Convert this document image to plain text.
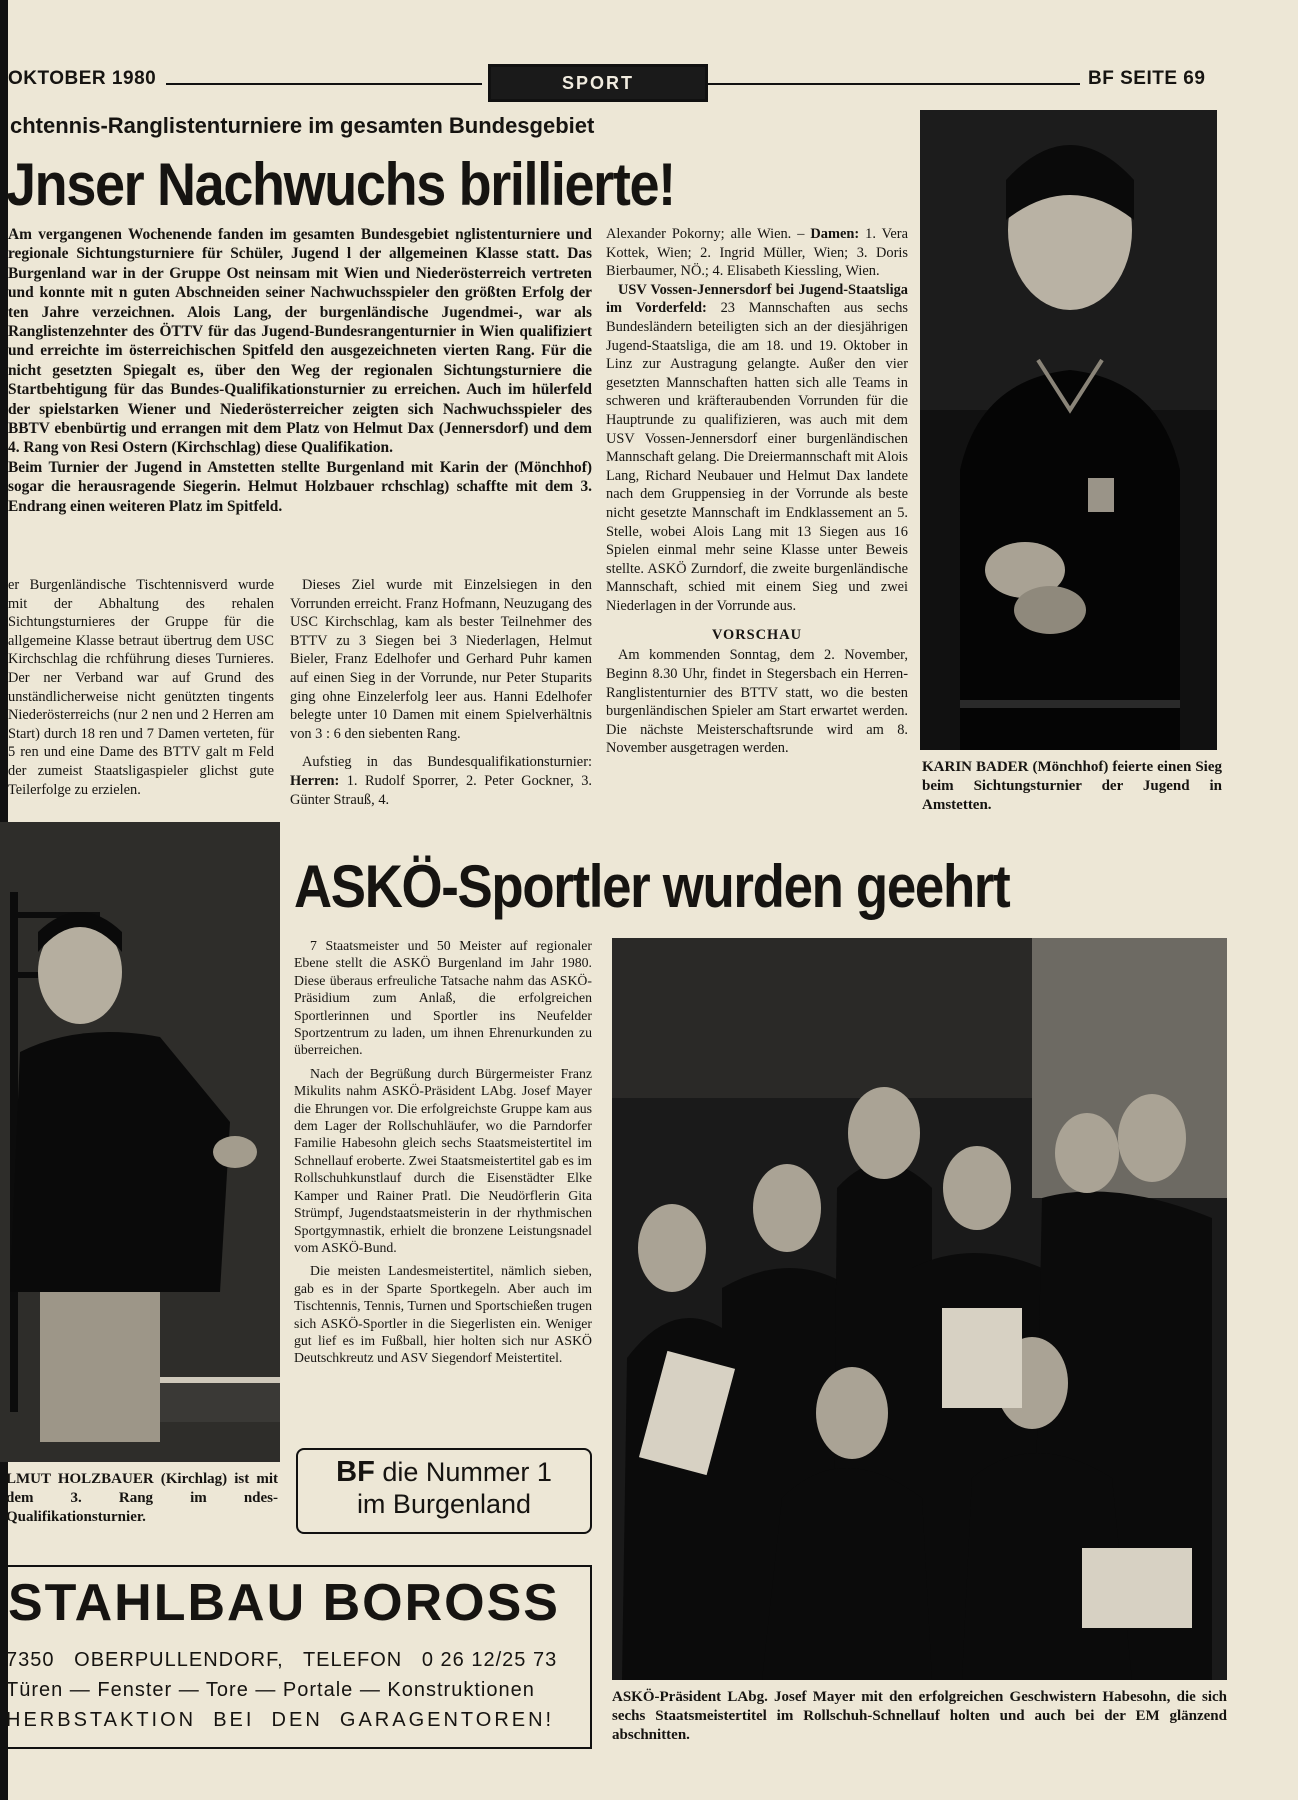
OKTOBER 1980	SPORT	BF SEITE 69
chtennis-Ranglistenturniere im gesamten Bundesgebiet
Jnser Nachwuchs brillierte!

Am vergangenen Wochenende fanden im gesamten Bundesgebiet nglistenturniere und regionale Sichtungsturniere für Schüler, Jugend l der allgemeinen Klasse statt. Das Burgenland war in der Gruppe Ost neinsam mit Wien und Niederösterreich vertreten und konnte mit n guten Abschneiden seiner Nachwuchsspieler den größten Erfolg der ten Jahre verzeichnen. Alois Lang, der burgenländische Jugendmei-, war als Ranglistenzehnter des ÖTTV für das Jugend-Bundesrangenturnier in Wien qualifiziert und erreichte im österreichischen Spitfeld den ausgezeichneten vierten Rang. Für die nicht gesetzten Spiegalt es, über den Weg der regionalen Sichtungsturniere die Startbehtigung für das Bundes-Qualifikationsturnier zu erreichen. Auch im hülerfeld der spielstarken Wiener und Niederösterreicher zeigten sich Nachwuchsspieler des BBTV ebenbürtig und errangen mit dem Platz von Helmut Dax (Jennersdorf) und dem 4. Rang von Resi Ostern (Kirchschlag) diese Qualifikation.

Beim Turnier der Jugend in Amstetten stellte Burgenland mit Karin der (Mönchhof) sogar die herausragende Siegerin. Helmut Holzbauer rchschlag) schaffte mit dem 3. Endrang einen weiteren Platz im Spitfeld.

er Burgenländische Tischtennisverd wurde mit der Abhaltung des rehalen Sichtungsturnieres der Gruppe für die allgemeine Klasse betraut übertrug dem USC Kirchschlag die rchführung dieses Turnieres. Der ner Verband war auf Grund des unständlicherweise nicht genützten tingents Niederösterreichs (nur 2 nen und 2 Herren am Start) durch 18 ren und 7 Damen verteten, für 5 ren und eine Dame des BTTV galt m Feld der zumeist Staatsligaspieler glichst gute Teilerfolge zu erzielen.

Dieses Ziel wurde mit Einzelsiegen in den Vorrunden erreicht. Franz Hofmann, Neuzugang des USC Kirchschlag, kam als bester Teilnehmer des BTTV zu 3 Siegen bei 3 Niederlagen, Helmut Bieler, Franz Edelhofer und Gerhard Puhr kamen auf einen Sieg in der Vorrunde, nur Peter Stuparits ging ohne Einzelerfolg leer aus. Hanni Edelhofer belegte unter 10 Damen mit einem Spielverhältnis von 3 : 6 den siebenten Rang.

Aufstieg in das Bundesqualifikationsturnier: Herren: 1. Rudolf Sporrer, 2. Peter Gockner, 3. Günter Strauß, 4.

Alexander Pokorny; alle Wien. – Damen: 1. Vera Kottek, Wien; 2. Ingrid Müller, Wien; 3. Doris Bierbaumer, NÖ.; 4. Elisabeth Kiessling, Wien.

USV Vossen-Jennersdorf bei Jugend-Staatsliga im Vorderfeld: 23 Mannschaften aus sechs Bundesländern beteiligten sich an der diesjährigen Jugend-Staatsliga, die am 18. und 19. Oktober in Linz zur Austragung gelangte. Außer den vier gesetzten Mannschaften hatten sich alle Teams in schweren und kräfteraubenden Vorrunden für die Hauptrunde zu qualifizieren, was auch mit dem USV Vossen-Jennersdorf einer burgenländischen Mannschaft gelang. Die Dreiermannschaft mit Alois Lang, Richard Neubauer und Helmut Dax landete nach dem Gruppensieg in der Vorrunde als beste nicht gesetzte Mannschaft im Endklassement an 5. Stelle, wobei Alois Lang mit 13 Siegen aus 16 Spielen einmal mehr seine Klasse unter Beweis stellte. ASKÖ Zurndorf, die zweite burgenländische Mannschaft, schied mit einem Sieg und zwei Niederlagen in der Vorrunde aus.

VORSCHAU

Am kommenden Sonntag, dem 2. November, Beginn 8.30 Uhr, findet in Stegersbach ein Herren-Ranglistenturnier des BTTV statt, wo die besten burgenländischen Spieler am Start erwartet werden. Die nächste Meisterschaftsrunde wird am 8. November ausgetragen werden.

KARIN BADER (Mönchhof) feierte einen Sieg beim Sichtungsturnier der Jugend in Amstetten.
LMUT HOLZBAUER (Kirchlag) ist mit dem 3. Rang im ndes-Qualifikationsturnier.
ASKÖ-Sportler wurden geehrt

7 Staatsmeister und 50 Meister auf regionaler Ebene stellt die ASKÖ Burgenland im Jahr 1980. Diese überaus erfreuliche Tatsache nahm das ASKÖ-Präsidium zum Anlaß, die erfolgreichen Sportlerinnen und Sportler ins Neufelder Sportzentrum zu laden, um ihnen Ehrenurkunden zu überreichen.

Nach der Begrüßung durch Bürgermeister Franz Mikulits nahm ASKÖ-Präsident LAbg. Josef Mayer die Ehrungen vor. Die erfolgreichste Gruppe kam aus dem Lager der Rollschuhläufer, wo die Parndorfer Familie Habesohn gleich sechs Staatsmeistertitel im Schnellauf eroberte. Zwei Staatsmeistertitel gab es im Rollschuhkunstlauf durch die Eisenstädter Elke Kamper und Rainer Pratl. Die Neudörflerin Gita Strümpf, Jugendstaatsmeisterin in der rhythmischen Sportgymnastik, erhielt die bronzene Leistungsnadel vom ASKÖ-Bund.

Die meisten Landesmeistertitel, nämlich sieben, gab es in der Sparte Sportkegeln. Aber auch im Tischtennis, Tennis, Turnen und Sportschießen trugen sich ASKÖ-Sportler in die Siegerlisten ein. Weniger gut lief es im Fußball, hier holten sich nur ASKÖ Deutschkreutz und ASV Siegendorf Meistertitel.

ASKÖ-Präsident LAbg. Josef Mayer mit den erfolgreichen Geschwistern Habesohn, die sich sechs Staatsmeistertitel im Rollschuh-Schnellauf holten und auch bei der EM glänzend abschnitten.
BF die Nummer 1
im Burgenland
STAHLBAU BOROSS
7350   OBERPULLENDORF,   TELEFON   0 26 12/25 73
Türen — Fenster — Tore — Portale — Konstruktionen
HERBSTAKTION  BEI  DEN  GARAGENTOREN!
